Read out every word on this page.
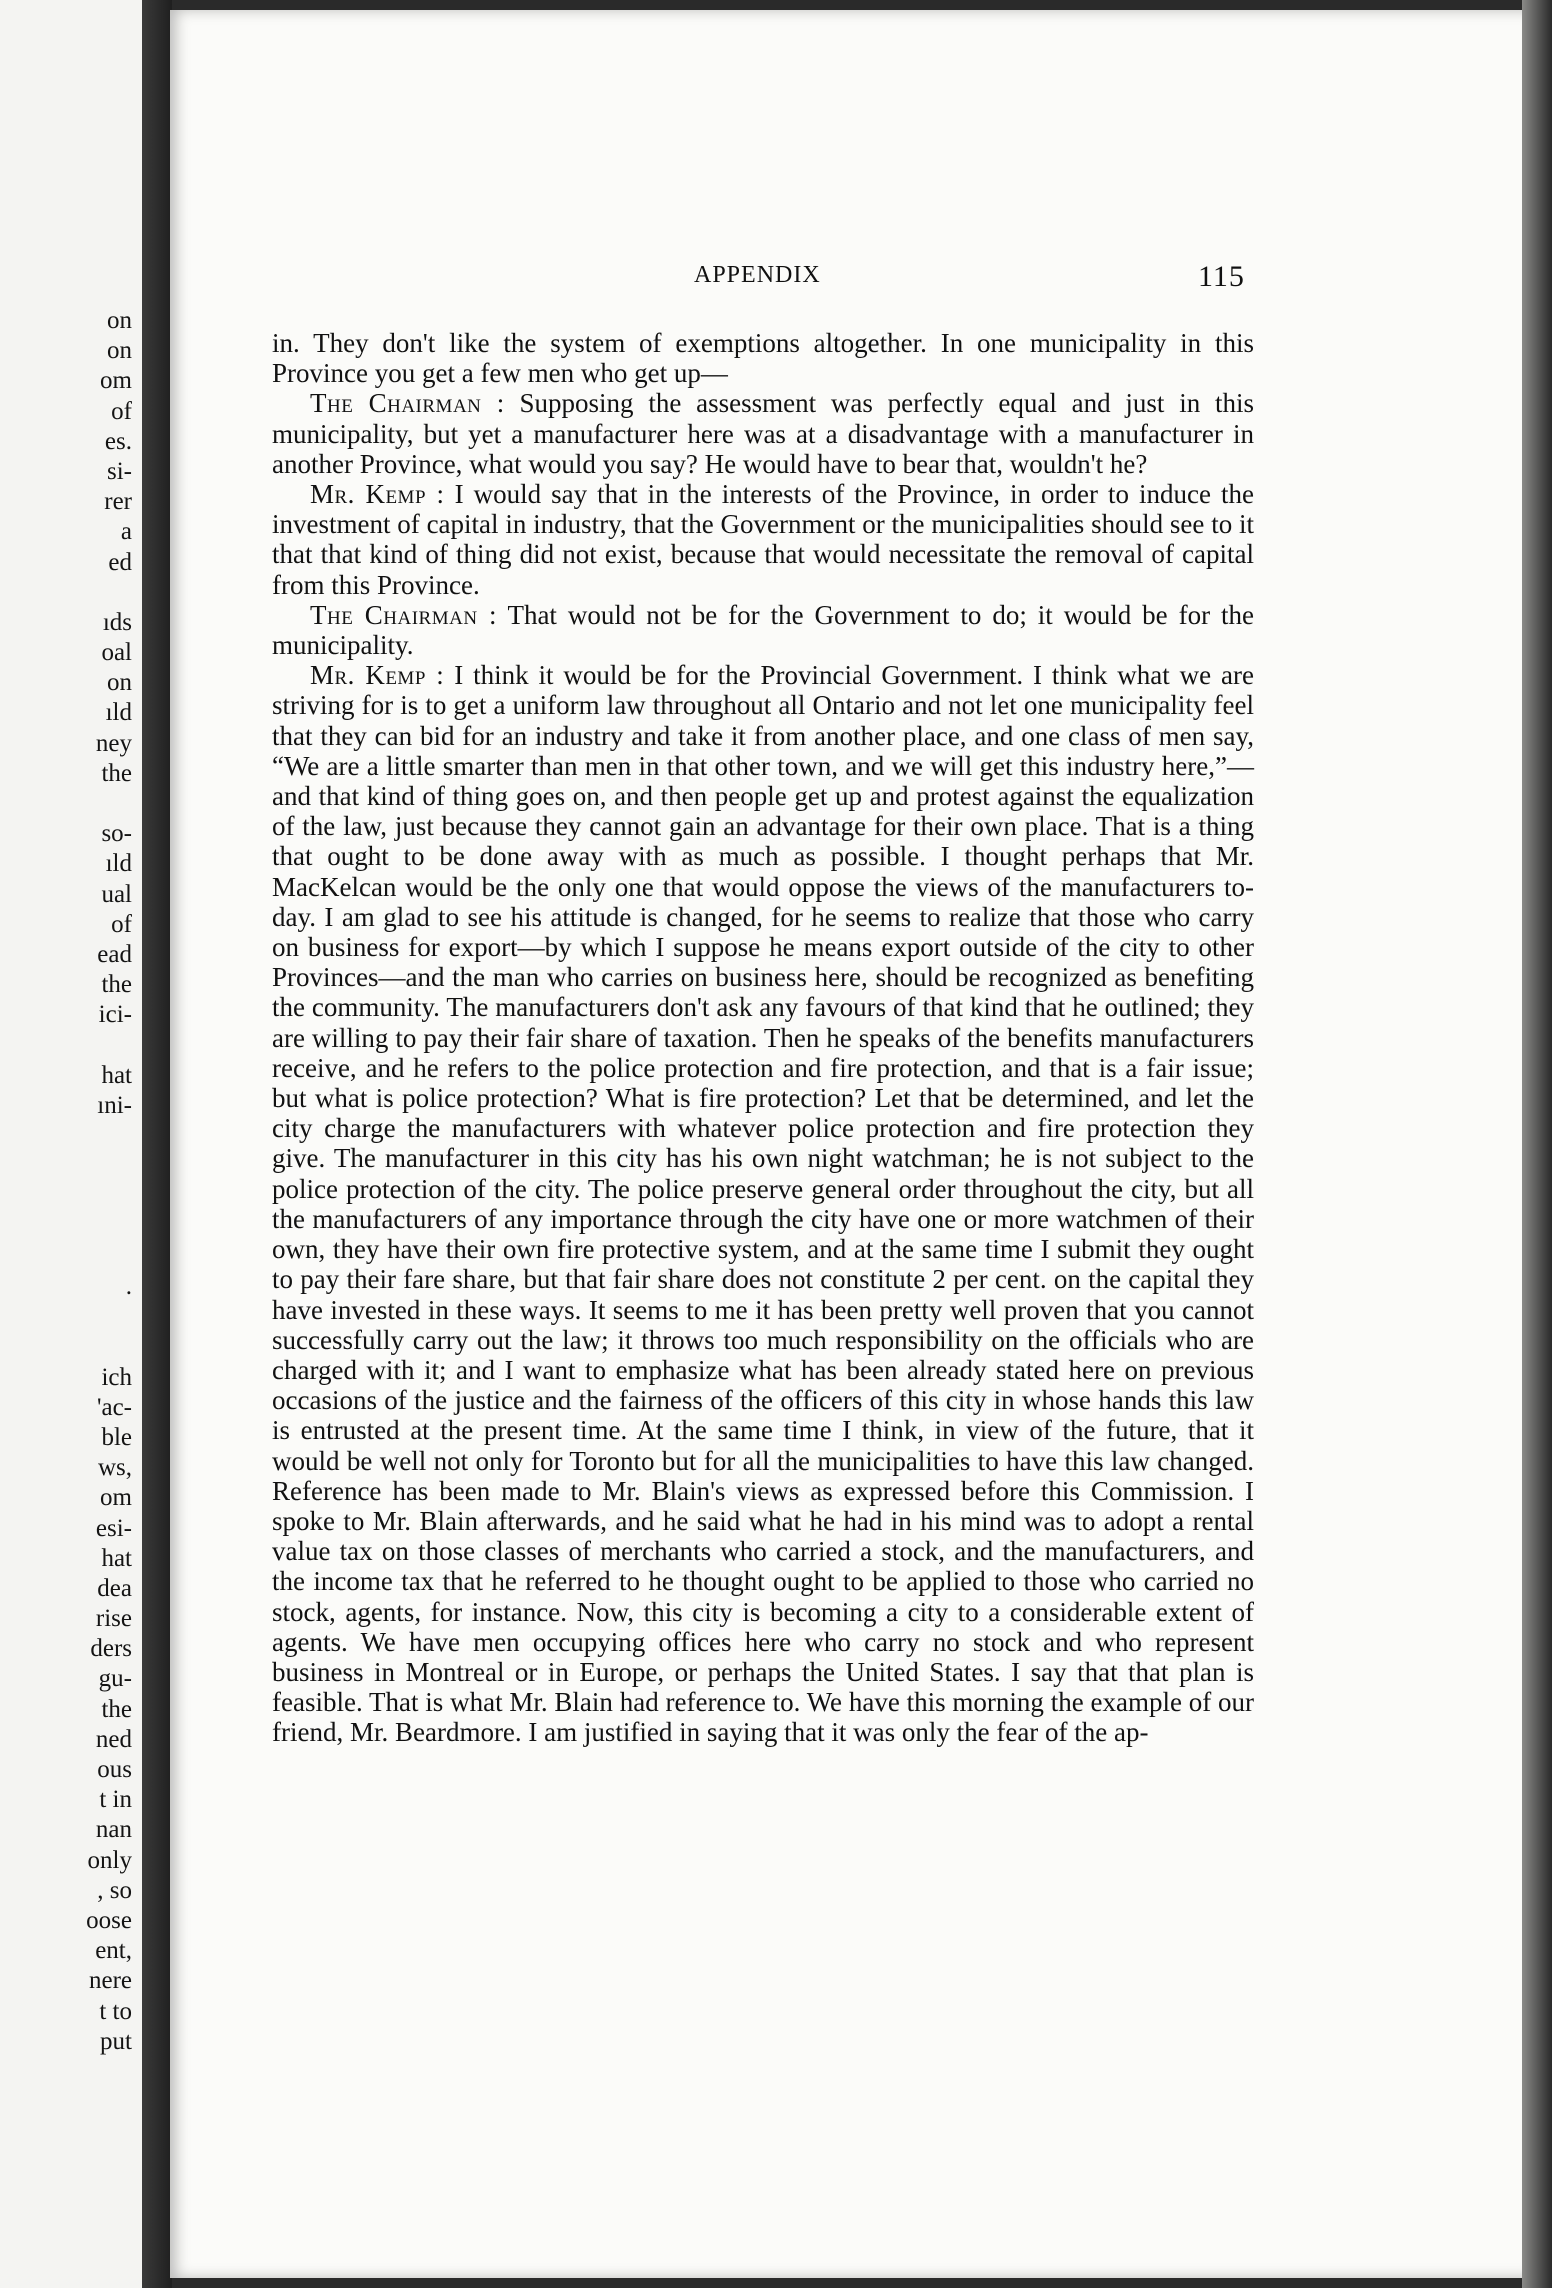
on
on
om
of
es.
si-
rer
a
ed
ıds
oal
on
ıld
ney
the
so-
ıld
ual
of
ead
the
ici-
hat
ıni-
.
ich
'ac-
ble
ws,
om
esi-
hat
dea
rise
ders
gu-
the
ned
ous
t in
nan
only
, so
oose
ent,
nere
t to
put
APPENDIX	115

in. They don't like the system of exemptions altogether. In one municipality in this Province you get a few men who get up—

The Chairman : Supposing the assessment was perfectly equal and just in this municipality, but yet a manufacturer here was at a disadvantage with a manufacturer in another Province, what would you say? He would have to bear that, wouldn't he?

Mr. Kemp : I would say that in the interests of the Province, in order to induce the investment of capital in industry, that the Government or the municipalities should see to it that that kind of thing did not exist, because that would necessitate the removal of capital from this Province.

The Chairman : That would not be for the Government to do; it would be for the municipality.

Mr. Kemp : I think it would be for the Provincial Government. I think what we are striving for is to get a uniform law throughout all Ontario and not let one municipality feel that they can bid for an industry and take it from another place, and one class of men say, “We are a little smarter than men in that other town, and we will get this industry here,”—and that kind of thing goes on, and then people get up and protest against the equalization of the law, just because they cannot gain an advantage for their own place. That is a thing that ought to be done away with as much as possible. I thought perhaps that Mr. MacKelcan would be the only one that would oppose the views of the manufacturers to-day. I am glad to see his attitude is changed, for he seems to realize that those who carry on business for export—by which I suppose he means export outside of the city to other Provinces—and the man who carries on business here, should be recognized as benefiting the community. The manufacturers don't ask any favours of that kind that he outlined; they are willing to pay their fair share of taxation. Then he speaks of the benefits manufacturers receive, and he refers to the police protection and fire protection, and that is a fair issue; but what is police protection? What is fire protection? Let that be determined, and let the city charge the manufacturers with whatever police protection and fire protection they give. The manufacturer in this city has his own night watchman; he is not subject to the police protection of the city. The police preserve general order throughout the city, but all the manufacturers of any importance through the city have one or more watchmen of their own, they have their own fire protective system, and at the same time I submit they ought to pay their fare share, but that fair share does not constitute 2 per cent. on the capital they have invested in these ways. It seems to me it has been pretty well proven that you cannot successfully carry out the law; it throws too much responsibility on the officials who are charged with it; and I want to emphasize what has been already stated here on previous occasions of the justice and the fairness of the officers of this city in whose hands this law is entrusted at the present time. At the same time I think, in view of the future, that it would be well not only for Toronto but for all the municipalities to have this law changed. Reference has been made to Mr. Blain's views as expressed before this Commission. I spoke to Mr. Blain afterwards, and he said what he had in his mind was to adopt a rental value tax on those classes of merchants who carried a stock, and the manufacturers, and the income tax that he referred to he thought ought to be applied to those who carried no stock, agents, for instance. Now, this city is becoming a city to a considerable extent of agents. We have men occupying offices here who carry no stock and who represent business in Montreal or in Europe, or perhaps the United States. I say that that plan is feasible. That is what Mr. Blain had reference to. We have this morning the example of our friend, Mr. Beardmore. I am justified in saying that it was only the fear of the ap-
